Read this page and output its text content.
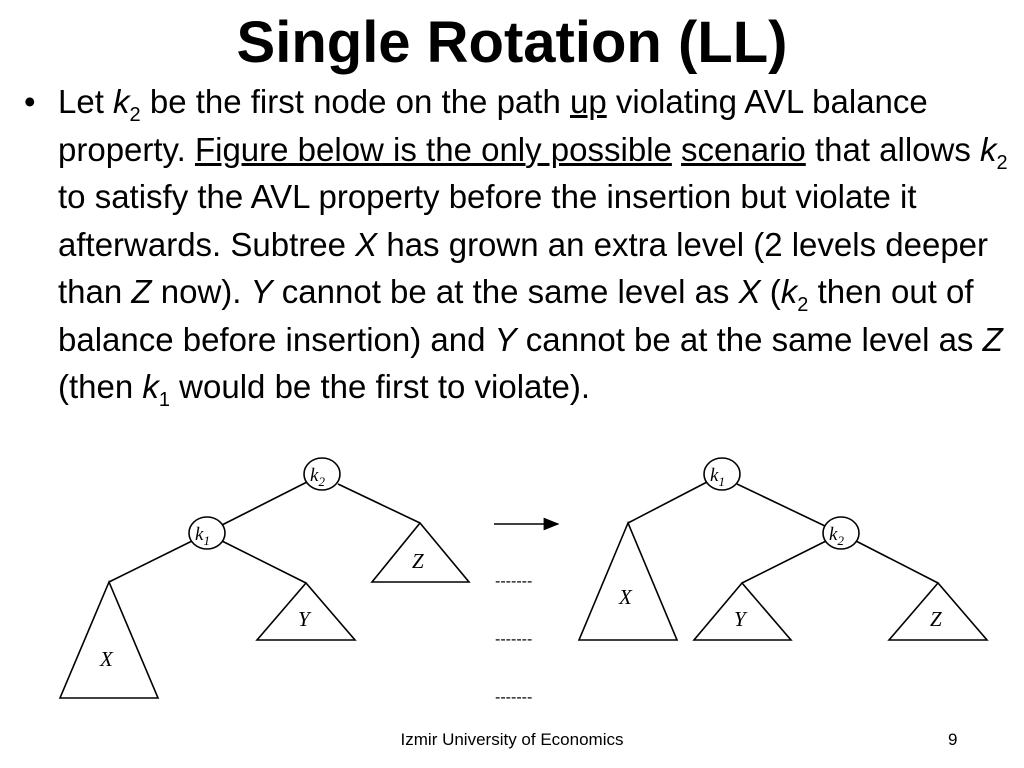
Single Rotation (LL)
• Let $k_2$ be the first node on the path up violating AVL balance property. Figure below is the only possible scenario that allows $k_2$ to satisfy the AVL property before the insertion but violate it afterwards. Subtree X has grown an extra level (2 levels deeper than Z now). Y cannot be at the same level as X ($k_2$ then out of balance before insertion) and Y cannot be at the same level as Z (then $k_1$ would be the first to violate).
$k_2$
$k_1$
X
Y
Z
-------
-------
-------
$k_1$
$k_2$
X
Y	Z
Izmir University of Economics	9
